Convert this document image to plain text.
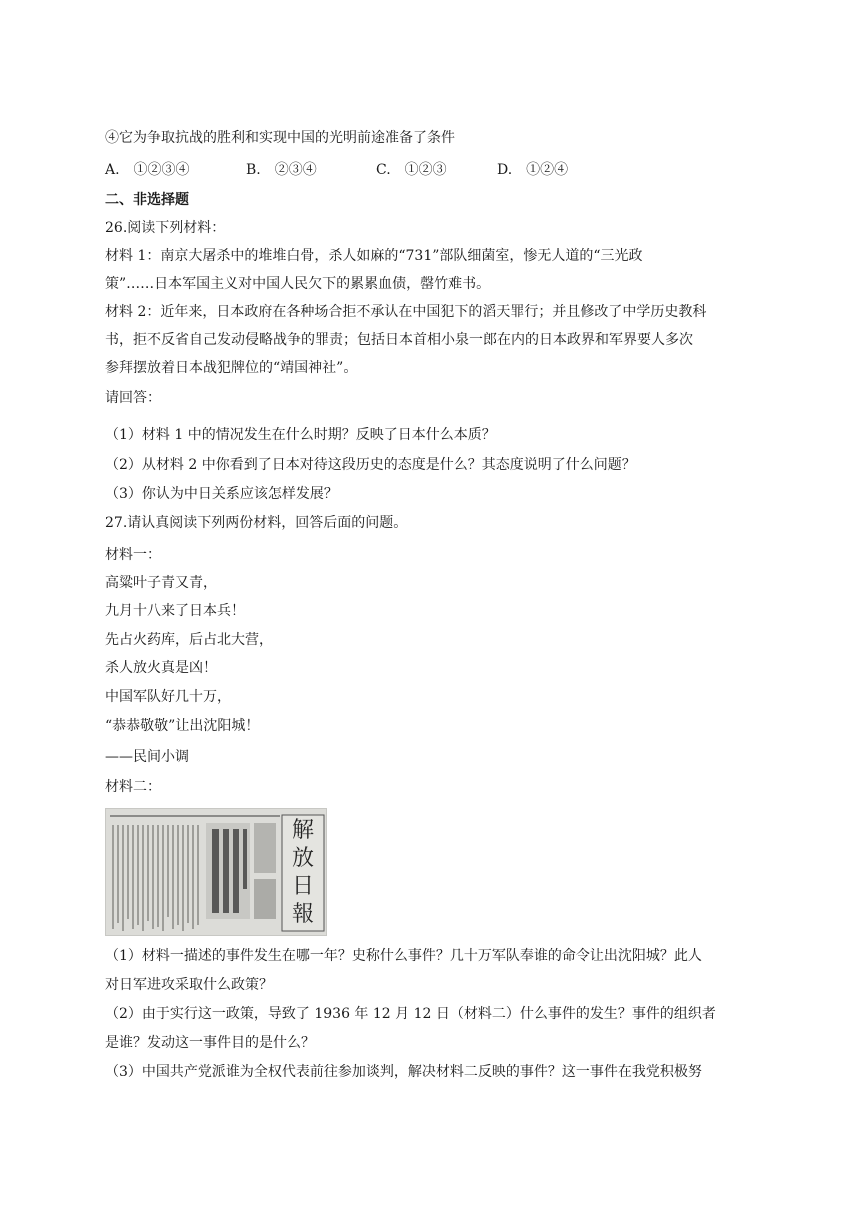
④它为争取抗战的胜利和实现中国的光明前途准备了条件
A.　①②③④	B.　②③④	C.　①②③	D.　①②④
二、非选择题
26.阅读下列材料：
材料 1：南京大屠杀中的堆堆白骨，杀人如麻的“731”部队细菌室，惨无人道的“三光政
策”……日本军国主义对中国人民欠下的累累血债，罄竹难书。
材料 2：近年来，日本政府在各种场合拒不承认在中国犯下的滔天罪行；并且修改了中学历史教科
书，拒不反省自己发动侵略战争的罪责；包括日本首相小泉一郎在内的日本政界和军界要人多次
参拜摆放着日本战犯牌位的“靖国神社”。
请回答：
（1）材料 1 中的情况发生在什么时期？反映了日本什么本质？
（2）从材料 2 中你看到了日本对待这段历史的态度是什么？其态度说明了什么问题？
（3）你认为中日关系应该怎样发展？
27.请认真阅读下列两份材料，回答后面的问题。
材料一：
高粱叶子青又青，
九月十八来了日本兵！
先占火药库，后占北大营，
杀人放火真是凶！
中国军队好几十万，
“恭恭敬敬”让出沈阳城！
——民间小调
材料二：
解
放
日
報
（1）材料一描述的事件发生在哪一年？史称什么事件？几十万军队奉谁的命令让出沈阳城？此人
对日军进攻采取什么政策？
（2）由于实行这一政策，导致了 1936 年 12 月 12 日（材料二）什么事件的发生？事件的组织者
是谁？发动这一事件目的是什么？
（3）中国共产党派谁为全权代表前往参加谈判，解决材料二反映的事件？这一事件在我党积极努
